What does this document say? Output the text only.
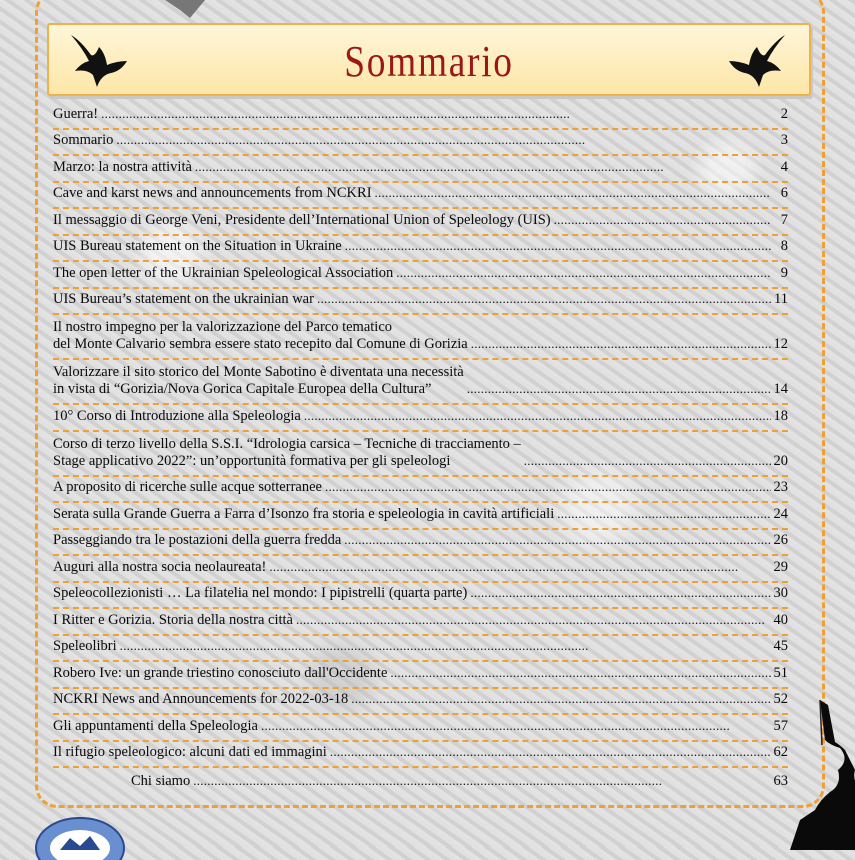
Sommario
Guerra! . . .	2
Sommario . . .	3
Marzo: la nostra attività . . .	4
Cave and karst news and announcements from NCKRI . . .	6
Il messaggio di George Veni, Presidente dell’International Union of Speleology (UIS) . . .	7
UIS Bureau statement on the Situation in Ukraine . . .	8
The open letter of the Ukrainian Speleological Association . . .	9
UIS Bureau’s statement on the ukrainian war . . .	11
Il nostro impegno per la valorizzazione del Parco tematico
del Monte Calvario sembra essere stato recepito dal Comune di Gorizia . . .	12
Valorizzare il sito storico del Monte Sabotino è diventata una necessità
in vista di “Gorizia/Nova Gorica Capitale Europea della Cultura” . . .	14
10° Corso di Introduzione alla Speleologia . . .	18
Corso di terzo livello della S.S.I. “Idrologia carsica – Tecniche di tracciamento –
Stage applicativo 2022”: un’opportunità formativa per gli speleologi . . .	20
A proposito di ricerche sulle acque sotterranee . . .	23
Serata sulla Grande Guerra a Farra d’Isonzo fra storia e speleologia in cavità artificiali . . .	24
Passeggiando tra le postazioni della guerra fredda . . .	26
Auguri alla nostra socia neolaureata! . . .	29
Speleocollezionisti … La filatelia nel mondo: I pipistrelli (quarta parte) . . .	30
I Ritter e Gorizia. Storia della nostra città . . .	40
Speleolibri . . .	45
Robero Ive: un grande triestino conosciuto dall'Occidente . . .	51
NCKRI News and Announcements for 2022-03-18 . . .	52
Gli appuntamenti della Speleologia . . .	57
Il rifugio speleologico: alcuni dati ed immagini . . .	62
Chi siamo . . .	63
